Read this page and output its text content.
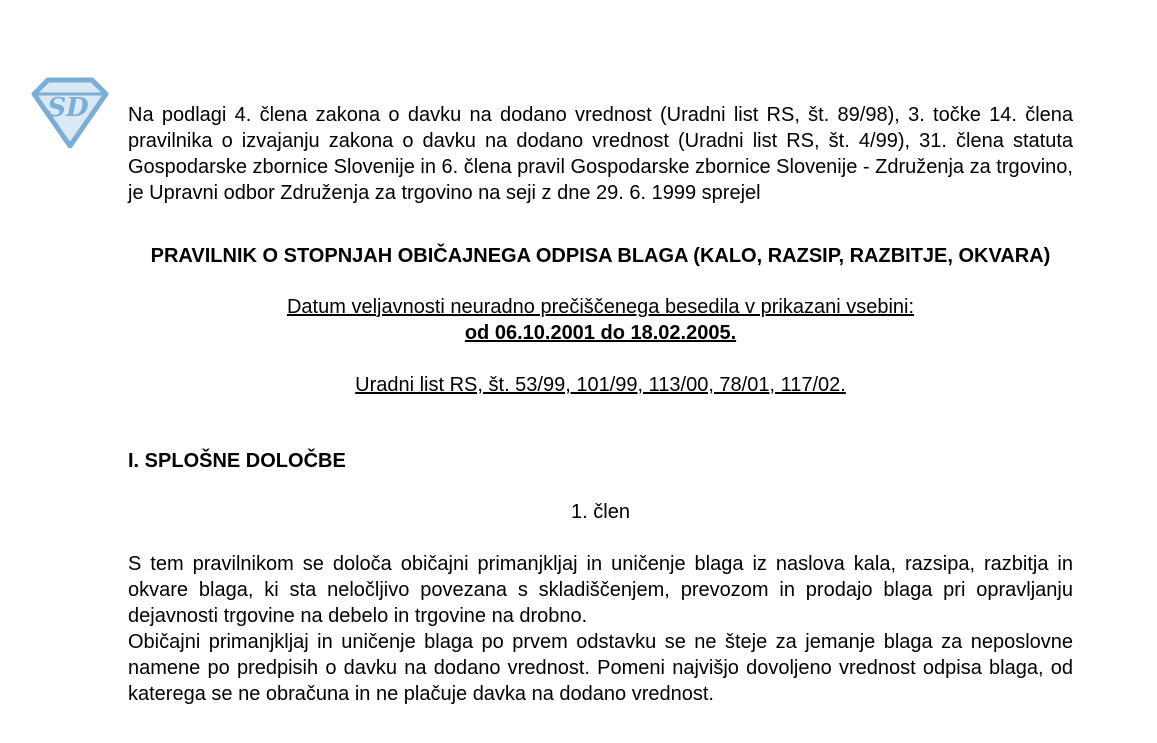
SD Na podlagi 4. člena zakona o davku na dodano vrednost (Uradni list RS, št. 89/98), 3. točke 14. člena pravilnika o izvajanju zakona o davku na dodano vrednost (Uradni list RS, št. 4/99), 31. člena statuta Gospodarske zbornice Slovenije in 6. člena pravil Gospodarske zbornice Slovenije - Združenja za trgovino, je Upravni odbor Združenja za trgovino na seji z dne 29. 6. 1999 sprejel

PRAVILNIK O STOPNJAH OBIČAJNEGA ODPISA BLAGA (KALO, RAZSIP, RAZBITJE, OKVARA)
Datum veljavnosti neuradno prečiščenega besedila v prikazani vsebini:
od 06.10.2001 do 18.02.2005.
Uradni list RS, št. 53/99, 101/99, 113/00, 78/01, 117/02.
I. SPLOŠNE DOLOČBE
1. člen

S tem pravilnikom se določa običajni primanjkljaj in uničenje blaga iz naslova kala, razsipa, razbitja in okvare blaga, ki sta neločljivo povezana s skladiščenjem, prevozom in prodajo blaga pri opravljanju dejavnosti trgovine na debelo in trgovine na drobno.

Običajni primanjkljaj in uničenje blaga po prvem odstavku se ne šteje za jemanje blaga za neposlovne namene po predpisih o davku na dodano vrednost. Pomeni najvišjo dovoljeno vrednost odpisa blaga, od katerega se ne obračuna in ne plačuje davka na dodano vrednost.
